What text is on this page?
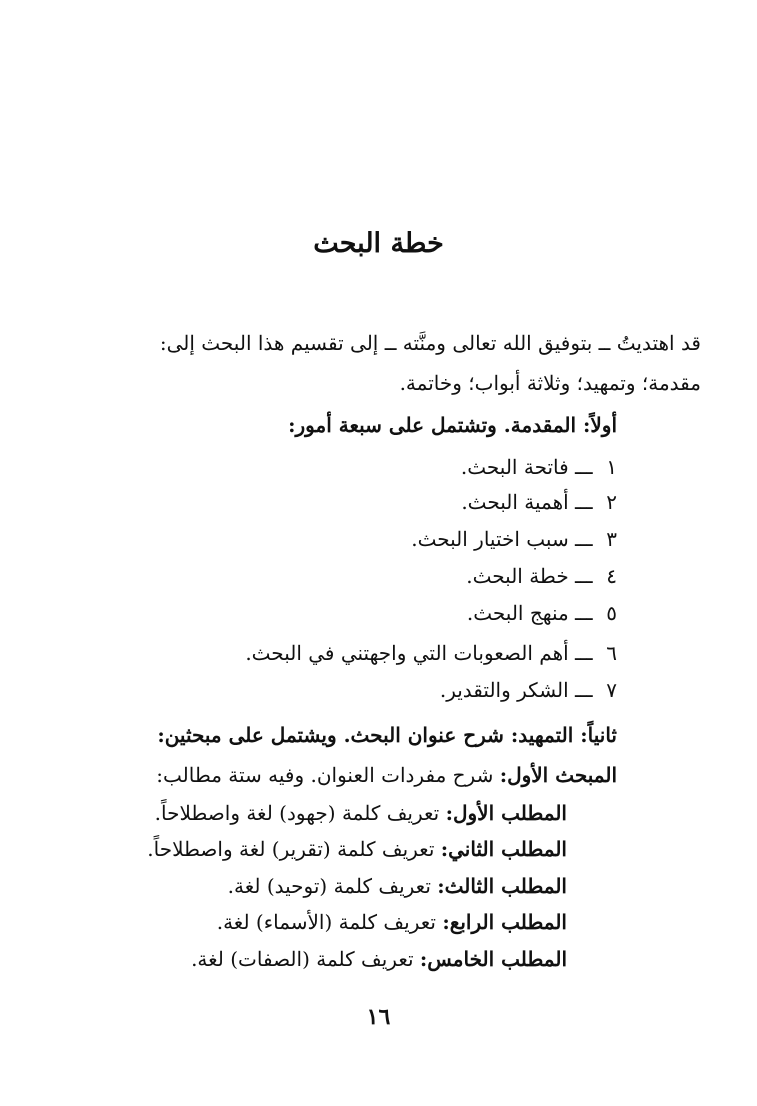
خطة البحث
قد اهتديتُ ــ بتوفيق الله تعالى ومنَّته ــ إلى تقسيم هذا البحث إلى:
مقدمة؛ وتمهيد؛ وثلاثة أبواب؛ وخاتمة.
أولاً: المقدمة. وتشتمل على سبعة أمور:
١ ـــ فاتحة البحث.
٢ ـــ أهمية البحث.
٣ ـــ سبب اختيار البحث.
٤ ـــ خطة البحث.
٥ ـــ منهج البحث.
٦ ـــ أهم الصعوبات التي واجهتني في البحث.
٧ ـــ الشكر والتقدير.
ثانياً: التمهيد: شرح عنوان البحث. ويشتمل على مبحثين:
المبحث الأول: شرح مفردات العنوان. وفيه ستة مطالب:
المطلب الأول: تعريف كلمة (جهود) لغة واصطلاحاً.
المطلب الثاني: تعريف كلمة (تقرير) لغة واصطلاحاً.
المطلب الثالث: تعريف كلمة (توحيد) لغة.
المطلب الرابع: تعريف كلمة (الأسماء) لغة.
المطلب الخامس: تعريف كلمة (الصفات) لغة.
١٦
